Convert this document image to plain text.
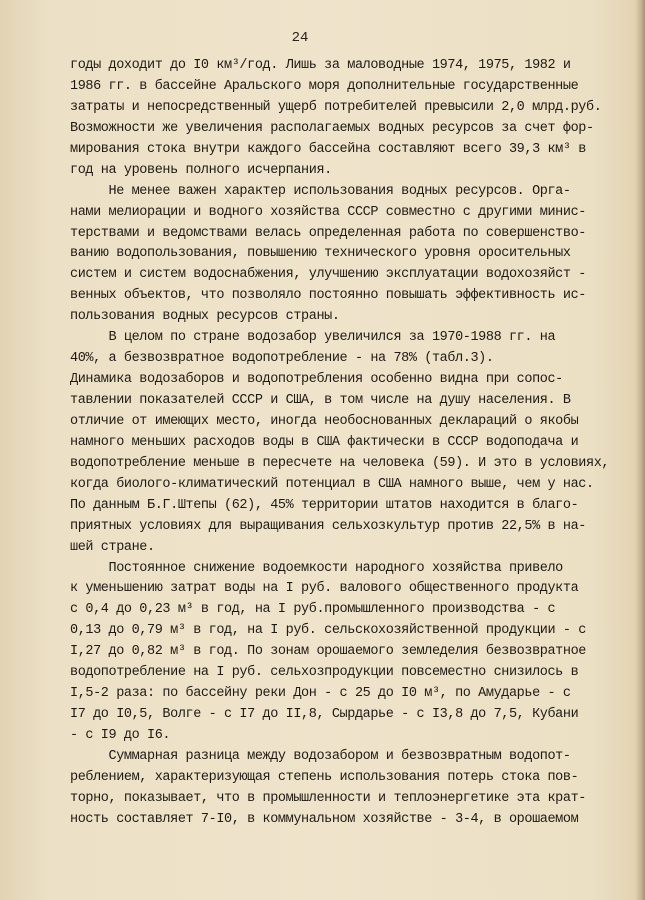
24
годы доходит до I0 км³/год. Лишь за маловодные 1974, 1975, 1982 и
1986 гг. в бассейне Аральского моря дополнительные государственные
затраты и непосредственный ущерб потребителей превысили 2,0 млрд.руб.
Возможности же увеличения располагаемых водных ресурсов за счет фор-
мирования стока внутри каждого бассейна составляют всего 39,3 км³ в
год на уровень полного исчерпания.
Не менее важен характер использования водных ресурсов. Орга-
нами мелиорации и водного хозяйства СССР совместно с другими минис-
терствами и ведомствами велась определенная работа по совершенство-
ванию водопользования, повышению технического уровня оросительных
систем и систем водоснабжения, улучшению эксплуатации водохозяйст -
венных объектов, что позволяло постоянно повышать эффективность ис-
пользования водных ресурсов страны.
В целом по стране водозабор увеличился за 1970-1988 гг. на
40%, а безвозвратное водопотребление - на 78% (табл.3).
Динамика водозаборов и водопотребления особенно видна при сопос-
тавлении показателей СССР и США, в том числе на душу населения. В
отличие от имеющих место, иногда необоснованных деклараций о якобы
намного меньших расходов воды в США фактически в СССР водоподача и
водопотребление меньше в пересчете на человека (59). И это в условиях,
когда биолого-климатический потенциал в США намного выше, чем у нас.
По данным Б.Г.Штепы (62), 45% территории штатов находится в благо-
приятных условиях для выращивания сельхозкультур против 22,5% в на-
шей стране.
Постоянное снижение водоемкости народного хозяйства привело
к уменьшению затрат воды на I руб. валового общественного продукта
с 0,4 до 0,23 м³ в год, на I руб.промышленного производства - с
0,13 до 0,79 м³ в год, на I руб. сельскохозяйственной продукции - с
I,27 до 0,82 м³ в год. По зонам орошаемого земледелия безвозвратное
водопотребление на I руб. сельхозпродукции повсеместно снизилось в
I,5-2 раза: по бассейну реки Дон - с 25 до I0 м³, по Амударье - с
I7 до I0,5, Волге - с I7 до II,8, Сырдарье - с I3,8 до 7,5, Кубани
- с I9 до I6.
Суммарная разница между водозабором и безвозвратным водопот-
реблением, характеризующая степень использования потерь стока пов-
торно, показывает, что в промышленности и теплоэнергетике эта крат-
ность составляет 7-I0, в коммунальном хозяйстве - 3-4, в орошаемом
